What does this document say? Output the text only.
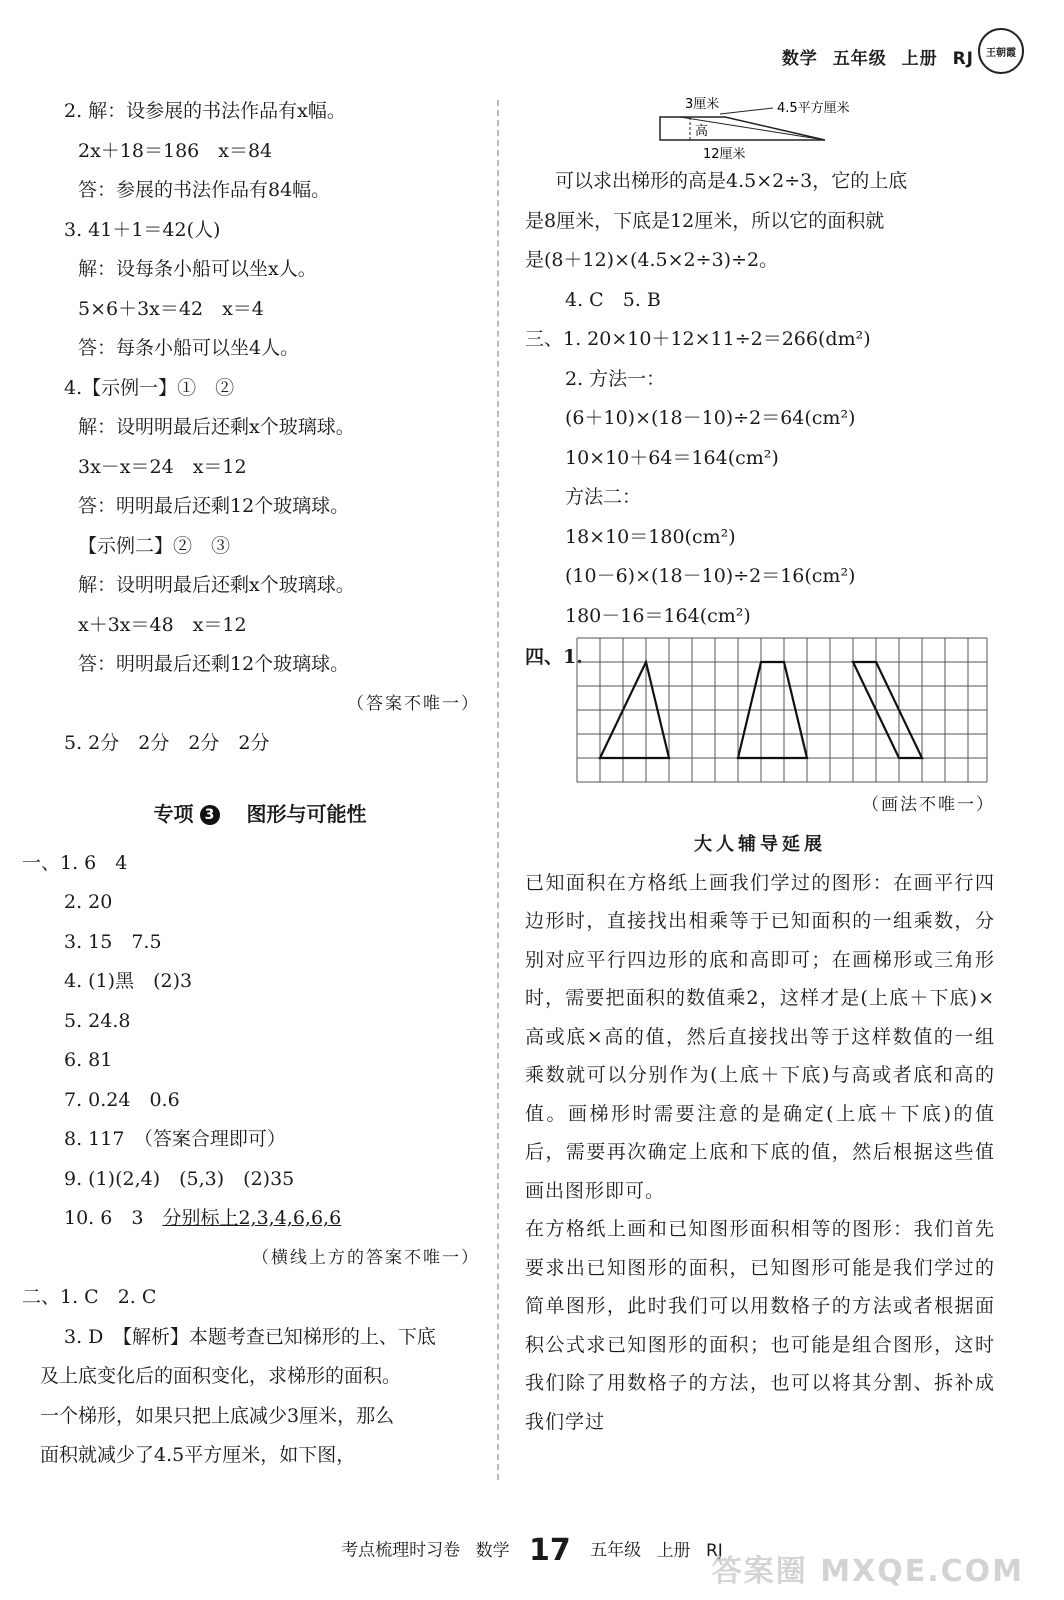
数学 五年级 上册 RJ 王朝霞
2. 解：设参展的书法作品有x幅。
2x＋18＝186　x＝84
答：参展的书法作品有84幅。
3. 41＋1＝42(人)
解：设每条小船可以坐x人。
5×6＋3x＝42　x＝4
答：每条小船可以坐4人。
4.【示例一】①　②
解：设明明最后还剩x个玻璃球。
3x－x＝24　x＝12
答：明明最后还剩12个玻璃球。
【示例二】②　③
解：设明明最后还剩x个玻璃球。
x＋3x＝48　x＝12
答：明明最后还剩12个玻璃球。
（答案不唯一）
5. 2分　2分　2分　2分
专项 3 图形与可能性
一、1. 6　4
2. 20
3. 15　7.5
4. (1)黑　(2)3
5. 24.8
6. 81
7. 0.24　0.6
8. 117　（答案合理即可）
9. (1)(2,4)　(5,3)　(2)35
10. 6　3　分别标上2,3,4,6,6,6
（横线上方的答案不唯一）
二、1. C　2. C
3. D　【解析】本题考查已知梯形的上、下底
及上底变化后的面积变化，求梯形的面积。
一个梯形，如果只把上底减少3厘米，那么
面积就减少了4.5平方厘米，如下图，
3厘米	4.5平方厘米
高
12厘米
可以求出梯形的高是4.5×2÷3，它的上底
是8厘米，下底是12厘米，所以它的面积就
是(8＋12)×(4.5×2÷3)÷2。
4. C　5. B
三、1. 20×10＋12×11÷2＝266(dm²)
2. 方法一：
(6＋10)×(18－10)÷2＝64(cm²)
10×10＋64＝164(cm²)
方法二：
18×10＝180(cm²)
(10－6)×(18－10)÷2＝16(cm²)
180－16＝164(cm²)
四、1.
（画法不唯一）
大人辅导延展
已知面积在方格纸上画我们学过的图形：在画平行四边形时，直接找出相乘等于已知面积的一组乘数，分别对应平行四边形的底和高即可；在画梯形或三角形时，需要把面积的数值乘2，这样才是(上底＋下底)×高或底×高的值，然后直接找出等于这样数值的一组乘数就可以分别作为(上底＋下底)与高或者底和高的值。画梯形时需要注意的是确定(上底＋下底)的值后，需要再次确定上底和下底的值，然后根据这些值画出图形即可。
在方格纸上画和已知图形面积相等的图形：我们首先要求出已知图形的面积，已知图形可能是我们学过的简单图形，此时我们可以用数格子的方法或者根据面积公式求已知图形的面积；也可能是组合图形，这时我们除了用数格子的方法，也可以将其分割、拆补成我们学过
考点梳理时习卷 数学 17 五年级 上册 RJ
答案圈 MXQE.COM
